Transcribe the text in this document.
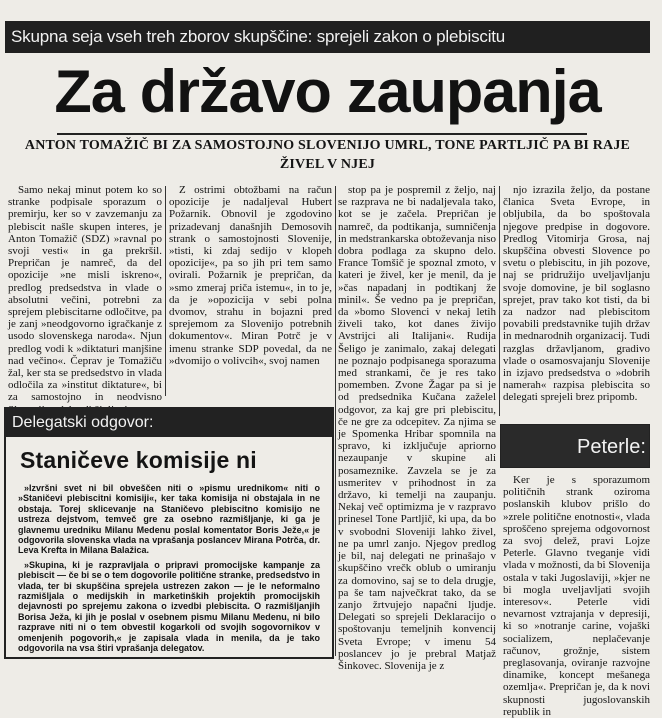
Skupna seja vseh treh zborov skupščine: sprejeli zakon o plebiscitu
Za državo zaupanja
ANTON TOMAŽIČ BI ZA SAMOSTOJNO SLOVENIJO UMRL, TONE PARTLJIČ PA BI RAJE ŽIVEL V NJEJ

Samo nekaj minut potem ko so stranke podpisale sporazum o premirju, ker so v zavzemanju za plebiscit našle skupen interes, je Anton Tomažič (SDZ) »ravnal po svoji vesti« in ga prekršil. Prepričan je namreč, da del opozicije »ne misli iskreno«, predlog predsedstva in vlade o absolutni večini, potrebni za sprejem plebiscitarne odločitve, pa je zanj »neodgovorno igračkanje z usodo slovenskega naroda«. Njun predlog vodi k »diktaturi manjšine nad večino«. Čeprav je Tomažiču žal, ker sta se predsedstvo in vlada odločila za »institut diktature«, bi za samostojno in neodvisno

Z ostrimi obtožbami na račun opozicije je nadaljeval Hubert Požarnik. Obnovil je zgodovino prizadevanj današnjih Demosovih strank o samostojnosti Slovenije, »tisti, ki zdaj sedijo v klopeh opozicije«, pa so jih pri tem samo ovirali. Požarnik je prepričan, da »smo zmeraj priča istemu«, in to je, da je »opozicija v sebi polna dvomov, strahu in bojazni pred sprejemom za Slovenijo potrebnih dokumentov«. Miran Potrč je v imenu stranke SDP povedal, da ne »dvomijo o volivcih«, svoj namen

stop pa je pospremil z željo, naj se razprava ne bi nadaljevala tako, kot se je začela. Prepričan je namreč, da podtikanja, sumničenja in medstrankarska obtoževanja niso dobra podlaga za skupno delo. France Tomšič je spoznal zmoto, v kateri je živel, ker je menil, da je »čas napadanj in podtikanj že minil«. Še vedno pa je prepričan, da »bomo Slovenci v nekaj letih živeli tako, kot danes živijo Avstrijci ali Italijani«. Rudija Šeligo je zanimalo, zakaj delegati ne poznajo podpisanega sporazuma med strankami, če je res tako pomemben. Zvone Žagar pa si je od predsednika Kučana zaželel odgovor, za kaj gre pri plebiscitu, če ne gre za odcepitev. Za njima se je Spomenka Hribar spomnila na spravo, ki izključuje apriorno nezaupanje v skupine ali posameznike. Zavzela se je za usmeritev v prihodnost in za državo, ki temelji na zaupanju. Nekaj več optimizma je v razpravo prinesel Tone Partljič, ki upa, da bo v svobodni Sloveniji lahko živel, ne pa umrl zanjo. Njegov predlog je bil, naj delegati ne prinašajo v skupščino vrečk oblub o umiranju za domovino, saj se to dela drugje, pa še tam največkrat tako, da se zanjo žrtvujejo napačni ljudje. Delegati so sprejeli Deklaracijo o spoštovanju temeljnih konvencij Sveta Evrope; v imenu 54 poslancev jo je prebral Matjaž Šinkovec. Slovenija je z

njo izrazila željo, da postane članica Sveta Evrope, in obljubila, da bo spoštovala njegove predpise in dogovore. Predlog Vitomirja Grosa, naj skupščina obvesti Slovence po svetu o plebiscitu, in jih pozove, naj se pridružijo uveljavljanju svoje domovine, je bil soglasno sprejet, prav tako kot tisti, da bi za nadzor nad plebiscitom povabili predstavnike tujih držav in mednarodnih organizacij. Tudi razglas državljanom, gradivo vlade o osamosvajanju Slovenije in izjavo predsedstva o »dobrih namerah« razpisa plebiscita so delegati sprejeli brez pripomb.

Peterle:

Ker je s sporazumom političnih strank oziroma poslanskih klubov prišlo do »zrele politične enotnosti«, vlada sproščeno sprejema odgovornost za svoj delež, pravi Lojze Peterle. Glavno tveganje vidi vlada v možnosti, da bi Slovenija ostala v taki Jugoslaviji, »kjer ne bi mogla uveljavljati svojih interesov«. Peterle vidi nevarnost vztrajanja v depresiji, ki so »notranje carine, vojaški socializem, neplačevanje računov, grožnje, sistem preglasovanja, oviranje razvojne dinamike, koncept mešanega ozemlja«. Prepričan je, da k novi skupnosti jugoslovanskih republik in

Delegatski odgovor:
Staničeve komisije ni

»Izvršni svet ni bil obveščen niti o »pismu urednikom« niti o »Staničevi plebiscitni komisiji«, ker taka komisija ni obstajala in ne obstaja. Torej sklicevanje na Staničevo plebiscitno komisijo ne ustreza dejstvom, temveč gre za osebno razmišljanje, ki ga je glavnemu uredniku Milanu Medenu poslal komentator Boris Ježe,« je odgovorila slovenska vlada na vprašanja poslancev Mirana Potrča, dr. Leva Krefta in Milana Balažica.

»Skupina, ki je razpravljala o pripravi promocijske kampanje za plebiscit — če bi se o tem dogovorile politične stranke, predsedstvo in vlada, ter bi skupščina sprejela ustrezen zakon — je le neformalno razmišljala o medijskih in marketinških projektih promocijskih dejavnosti po sprejemu zakona o izvedbi plebiscita. O razmišljanjih Borisa Ježa, ki jih je poslal v osebnem pismu Milanu Medenu, ni bilo razprave niti ni o tem obvestil kogarkoli od svojih sogovornikov v omenjenih pogovorih,« je zapisala vlada in menila, da je tako odgovorila na vsa štiri vprašanja delegatov.
